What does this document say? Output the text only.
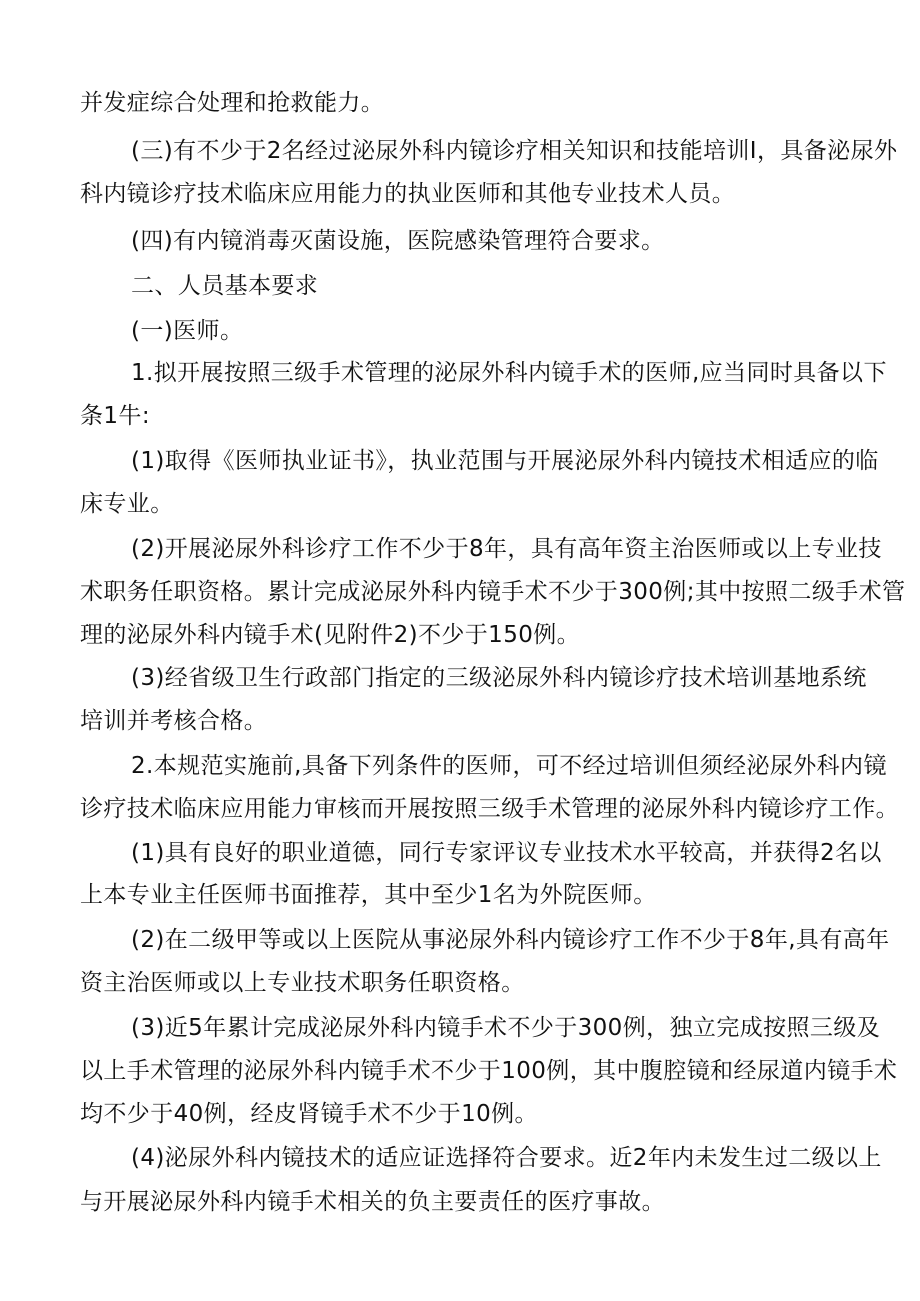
并发症综合处理和抢救能力。
(三)有不少于2名经过泌尿外科内镜诊疗相关知识和技能培训I，具备泌尿外
科内镜诊疗技术临床应用能力的执业医师和其他专业技术人员。
(四)有内镜消毒灭菌设施，医院感染管理符合要求。
二、人员基本要求
(一)医师。
1.拟开展按照三级手术管理的泌尿外科内镜手术的医师,应当同时具备以下
条1牛:
(1)取得《医师执业证书》，执业范围与开展泌尿外科内镜技术相适应的临
床专业。
(2)开展泌尿外科诊疗工作不少于8年，具有高年资主治医师或以上专业技
术职务任职资格。累计完成泌尿外科内镜手术不少于300例;其中按照二级手术管
理的泌尿外科内镜手术(见附件2)不少于150例。
(3)经省级卫生行政部门指定的三级泌尿外科内镜诊疗技术培训基地系统
培训并考核合格。
2.本规范实施前,具备下列条件的医师，可不经过培训但须经泌尿外科内镜
诊疗技术临床应用能力审核而开展按照三级手术管理的泌尿外科内镜诊疗工作。
(1)具有良好的职业道德，同行专家评议专业技术水平较高，并获得2名以
上本专业主任医师书面推荐，其中至少1名为外院医师。
(2)在二级甲等或以上医院从事泌尿外科内镜诊疗工作不少于8年,具有高年
资主治医师或以上专业技术职务任职资格。
(3)近5年累计完成泌尿外科内镜手术不少于300例，独立完成按照三级及
以上手术管理的泌尿外科内镜手术不少于100例，其中腹腔镜和经尿道内镜手术
均不少于40例，经皮肾镜手术不少于10例。
(4)泌尿外科内镜技术的适应证选择符合要求。近2年内未发生过二级以上
与开展泌尿外科内镜手术相关的负主要责任的医疗事故。
